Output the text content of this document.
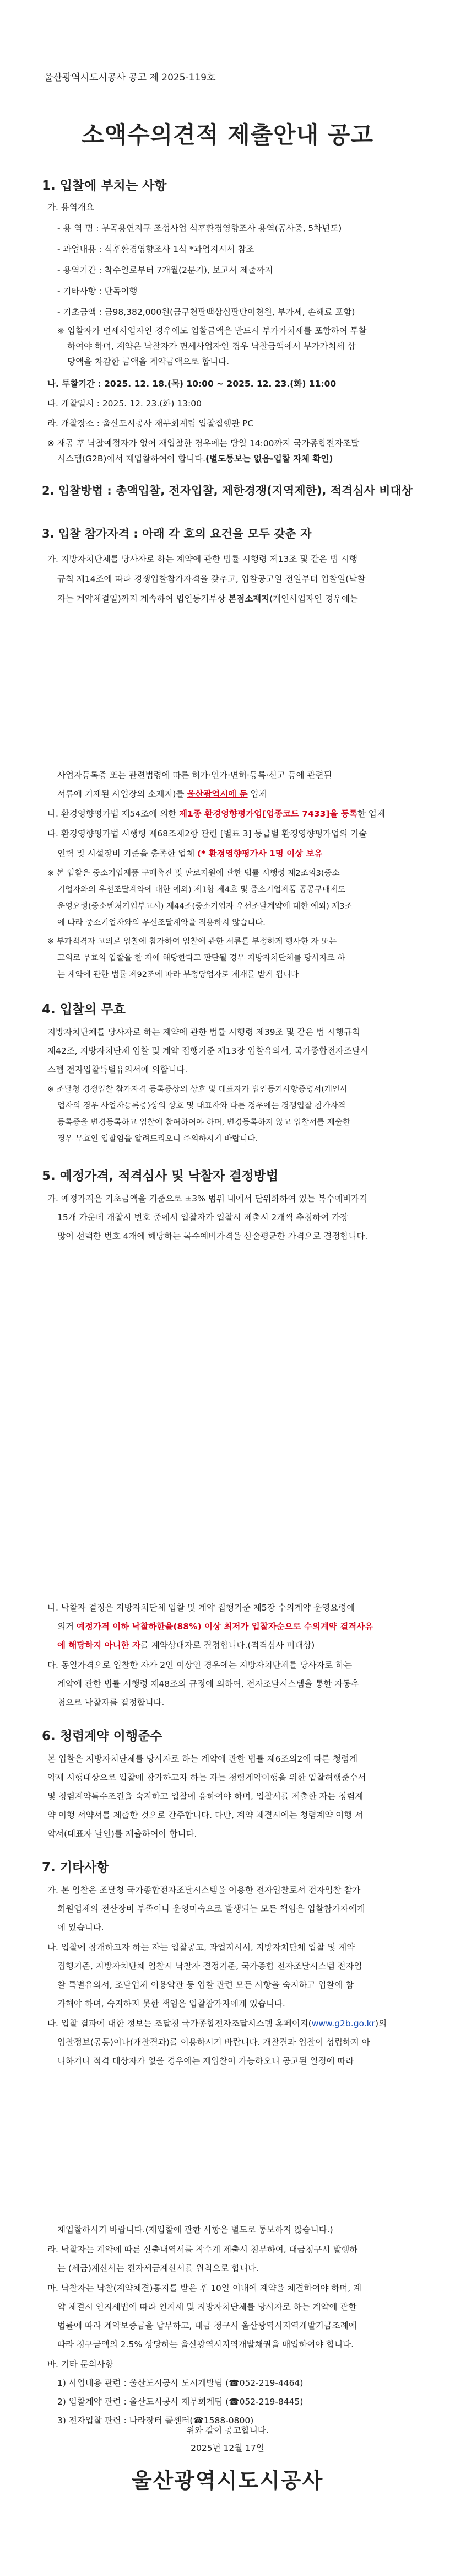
울산광역시도시공사 공고 제 2025-119호
소액수의견적 제출안내 공고
1. 입찰에 부치는 사항
가. 용역개요
- 용 역 명 : 부곡용연지구 조성사업 식후환경영향조사 용역(공사중, 5차년도)
- 과업내용 : 식후환경영향조사 1식 *과업지시서 참조
- 용역기간 : 착수일로부터 7개월(2분기), 보고서 제출까지
- 기타사항 : 단독이행
- 기초금액 : 금98,382,000원(금구천팔백삼십팔만이천원, 부가세, 손해료 포함)
※ 입찰자가 면세사업자인 경우에도 입찰금액은 반드시 부가가치세를 포함하여 투찰
하여야 하며, 계약은 낙찰자가 면세사업자인 경우 낙찰금액에서 부가가치세 상
당액을 차감한 금액을 계약금액으로 합니다.
나. 투찰기간 : 2025. 12. 18.(목) 10:00 ~ 2025. 12. 23.(화) 11:00
다. 개찰일시 : 2025. 12. 23.(화) 13:00
라. 개찰장소 : 울산도시공사 재무회계팀 입찰집행관 PC
※ 재공 후 낙찰예정자가 없어 재입찰한 경우에는 당일 14:00까지 국가종합전자조달
시스템(G2B)에서 재입찰하여야 합니다.(별도통보는 없음-입찰 자체 확인)
2. 입찰방법 : 총액입찰, 전자입찰, 제한경쟁(지역제한), 적격심사 비대상
3. 입찰 참가자격 : 아래 각 호의 요건을 모두 갖춘 자
가. 지방자치단체를 당사자로 하는 계약에 관한 법률 시행령 제13조 및 같은 법 시행
규칙 제14조에 따라 경쟁입찰참가자격을 갖추고, 입찰공고일 전일부터 입찰일(낙찰
자는 계약체결일)까지 계속하여 법인등기부상 본점소재지(개인사업자인 경우에는
사업자등록증 또는 관련법령에 따른 허가·인가·면허·등록·신고 등에 관련된
서류에 기재된 사업장의 소재지)를 울산광역시에 둔 업체
나. 환경영향평가법 제54조에 의한 제1종 환경영향평가업[업종코드 7433]을 등록한 업체
다. 환경영향평가법 시행령 제68조제2항 관련 [별표 3] 등급별 환경영향평가업의 기술
인력 및 시설장비 기준을 충족한 업체 (* 환경영향평가사 1명 이상 보유
※ 본 입찰은 중소기업제품 구매촉진 및 판로지원에 관한 법률 시행령 제2조의3(중소
기업자와의 우선조달계약에 대한 예외) 제1항 제4호 및 중소기업제품 공공구매제도
운영요령(중소벤처기업부고시) 제44조(중소기업자 우선조달계약에 대한 예외) 제3조
에 따라 중소기업자와의 우선조달계약을 적용하지 않습니다.
※ 부파적격자 고의로 입찰에 참가하여 입찰에 관한 서류를 부정하게 행사한 자 또는
고의로 무효의 입찰을 한 자에 해당한다고 판단될 경우 지방자치단체를 당사자로 하
는 계약에 관한 법률 제92조에 따라 부정당업자로 제재를 받게 됩니다
4. 입찰의 무효
지방자치단체를 당사자로 하는 계약에 관한 법률 시행령 제39조 및 같은 법 시행규칙
제42조, 지방자치단체 입찰 및 계약 집행기준 제13장 입찰유의서, 국가종합전자조달시
스템 전자입찰특별유의서에 의합니다.
※ 조달청 경쟁입찰 참가자격 등록증상의 상호 및 대표자가 법인등기사항증명서(개인사
업자의 경우 사업자등록증)상의 상호 및 대표자와 다른 경우에는 경쟁입찰 참가자격
등록증을 변경등록하고 입찰에 참여하여야 하며, 변경등록하지 않고 입찰서를 제출한
경우 무효인 입찰임을 알려드리오니 주의하시기 바랍니다.
5. 예정가격, 적격심사 및 낙찰자 결정방법
가. 예정가격은 기초금액을 기준으로 ±3% 범위 내에서 단위화하여 있는 복수예비가격
15개 가운데 개찰시 번호 중에서 입찰자가 입찰시 제출시 2개씩 추첨하여 가장
많이 선택한 번호 4개에 해당하는 복수예비가격을 산술평균한 가격으로 결정합니다.
나. 낙찰자 결정은 지방자치단체 입찰 및 계약 집행기준 제5장 수의계약 운영요령에
의거 예정가격 이하 낙찰하한율(88%) 이상 최저가 입찰자순으로 수의계약 결격사유
에 해당하지 아니한 자를 계약상대자로 결정합니다.(적격심사 미대상)
다. 동일가격으로 입찰한 자가 2인 이상인 경우에는 지방자치단체를 당사자로 하는
계약에 관한 법률 시행령 제48조의 규정에 의하여, 전자조달시스템을 통한 자동추
첨으로 낙찰자를 결정합니다.
6. 청렴계약 이행준수
본 입찰은 지방자치단체를 당사자로 하는 계약에 관한 법률 제6조의2에 따른 청렴계
약제 시행대상으로 입찰에 참가하고자 하는 자는 청렴계약이행을 위한 입찰허행준수서
및 청렴계약특수조건을 숙지하고 입찰에 응하여야 하며, 입찰서를 제출한 자는 청렴계
약 이행 서약서를 제출한 것으로 간주합니다. 다만, 계약 체결시에는 청렴계약 이행 서
약서(대표자 날인)를 제출하여야 합니다.
7. 기타사항
가. 본 입찰은 조달청 국가종합전자조달시스템을 이용한 전자입찰로서 전자입찰 참가
회원업체의 전산장비 부족이나 운영미숙으로 발생되는 모든 책임은 입찰참가자에게
에 있습니다.
나. 입찰에 참개하고자 하는 자는 입찰공고, 과업지시서, 지방자치단체 입찰 및 계약
집행기준, 지방자치단체 입찰시 낙찰자 결정기준, 국가종합 전자조달시스템 전자입
찰 특별유의서, 조달업체 이용약관 등 입찰 관련 모든 사항을 숙지하고 입찰에 참
가해야 하며, 숙지하지 못한 책임은 입찰참가자에게 있습니다.
다. 입찰 결과에 대한 정보는 조달청 국가종합전자조달시스템 홈페이지(www.g2b.go.kr)의
입찰정보(공통)이나(개찰결과)를 이용하시기 바랍니다. 개찰결과 입찰이 성립하지 아
니하거나 적격 대상자가 없을 경우에는 재입찰이 가능하오니 공고된 일정에 따라
재입찰하시기 바랍니다.(재입찰에 관한 사항은 별도로 통보하지 않습니다.)
라. 낙찰자는 계약에 따른 산출내역서를 착수계 제출시 첨부하여, 대금청구시 발행하
는 (세금)계산서는 전자세금계산서를 원칙으로 합니다.
마. 낙찰자는 낙찰(계약체결)통지를 받은 후 10일 이내에 계약을 체결하여야 하며, 계
약 체결시 인지세법에 따라 인지세 및 지방자치단체를 당사자로 하는 계약에 관한
법률에 따라 계약보증금을 납부하고, 대금 청구시 울산광역시지역개발기금조례에
따라 청구금액의 2.5% 상당하는 울산광역시지역개발채권을 매입하여야 합니다.
바. 기타 문의사항
1) 사업내용 관련 : 울산도시공사 도시개발팀 (☎052-219-4464)
2) 입찰계약 관련 : 울산도시공사 재무회계팀 (☎052-219-8445)
3) 전자입찰 관련 : 나라장터 콜센터(☎1588-0800)
위와 같이 공고합니다.
2025년 12월 17일
울산광역시도시공사
